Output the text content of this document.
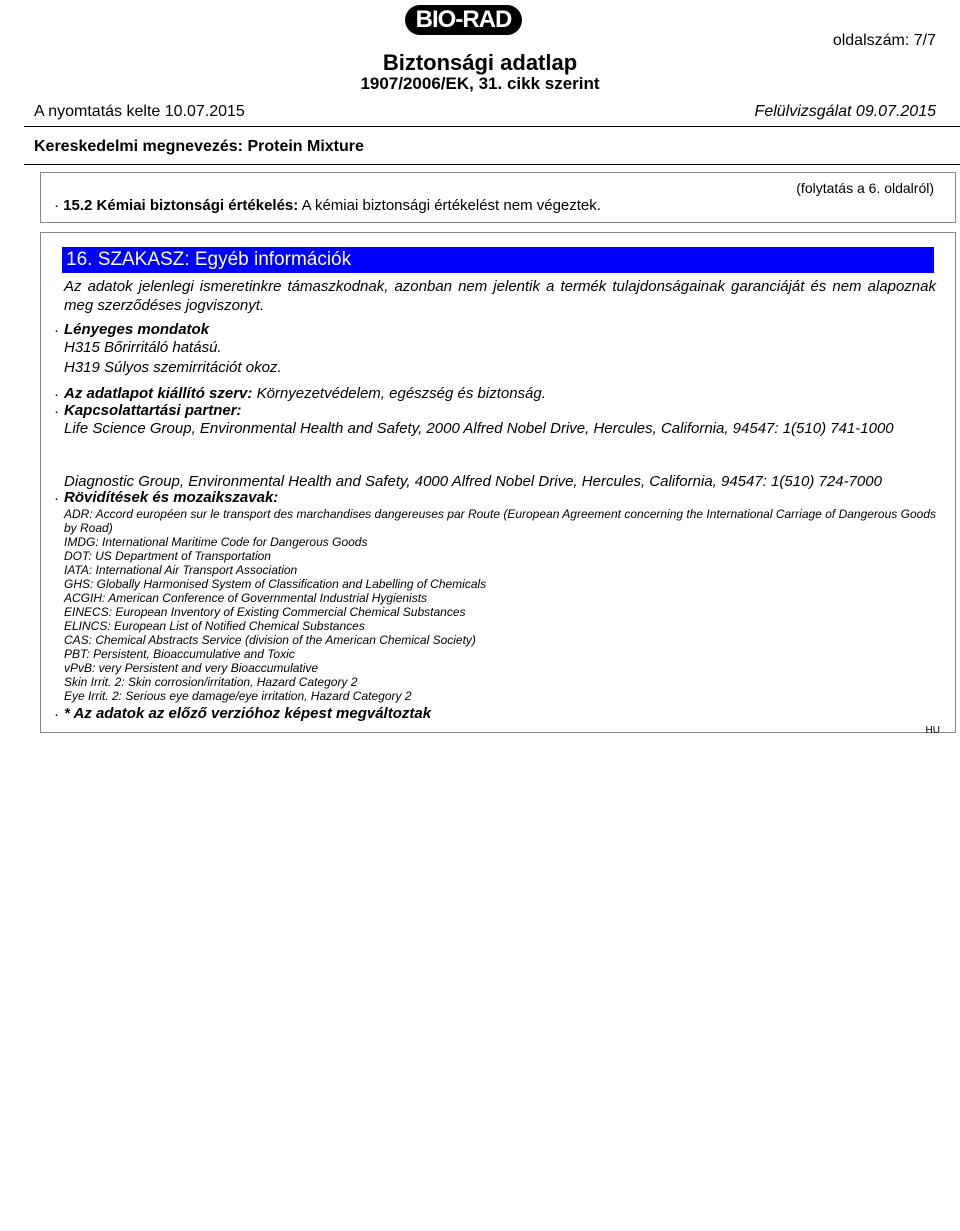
BIO-RAD
oldalszám: 7/7
Biztonsági adatlap
1907/2006/EK, 31. cikk szerint
A nyomtatás kelte 10.07.2015	Felülvizsgálat 09.07.2015
Kereskedelmi megnevezés: Protein Mixture
(folytatás a 6. oldalról)
· 15.2 Kémiai biztonsági értékelés: A kémiai biztonsági értékelést nem végeztek.
16. SZAKASZ: Egyéb információk
Az adatok jelenlegi ismeretinkre támaszkodnak, azonban nem jelentik a termék tulajdonságainak garanciáját és nem alapoznak meg szerződéses jogviszonyt.
· Lényeges mondatok
H315 Bőrirritáló hatású.
H319 Súlyos szemirritációt okoz.
· Az adatlapot kiállító szerv: Környezetvédelem, egészség és biztonság.
· Kapcsolattartási partner:
Life Science Group, Environmental Health and Safety, 2000 Alfred Nobel Drive, Hercules, California, 94547: 1(510) 741-1000
Diagnostic Group, Environmental Health and Safety, 4000 Alfred Nobel Drive, Hercules, California, 94547: 1(510) 724-7000
· Rövidítések és mozaikszavak:
ADR: Accord européen sur le transport des marchandises dangereuses par Route (European Agreement concerning the International Carriage of Dangerous Goods by Road)
IMDG: International Maritime Code for Dangerous Goods
DOT: US Department of Transportation
IATA: International Air Transport Association
GHS: Globally Harmonised System of Classification and Labelling of Chemicals
ACGIH: American Conference of Governmental Industrial Hygienists
EINECS: European Inventory of Existing Commercial Chemical Substances
ELINCS: European List of Notified Chemical Substances
CAS: Chemical Abstracts Service (division of the American Chemical Society)
PBT: Persistent, Bioaccumulative and Toxic
vPvB: very Persistent and very Bioaccumulative
Skin Irrit. 2: Skin corrosion/irritation, Hazard Category 2
Eye Irrit. 2: Serious eye damage/eye irritation, Hazard Category 2
· * Az adatok az előző verzióhoz képest megváltoztak
HU
